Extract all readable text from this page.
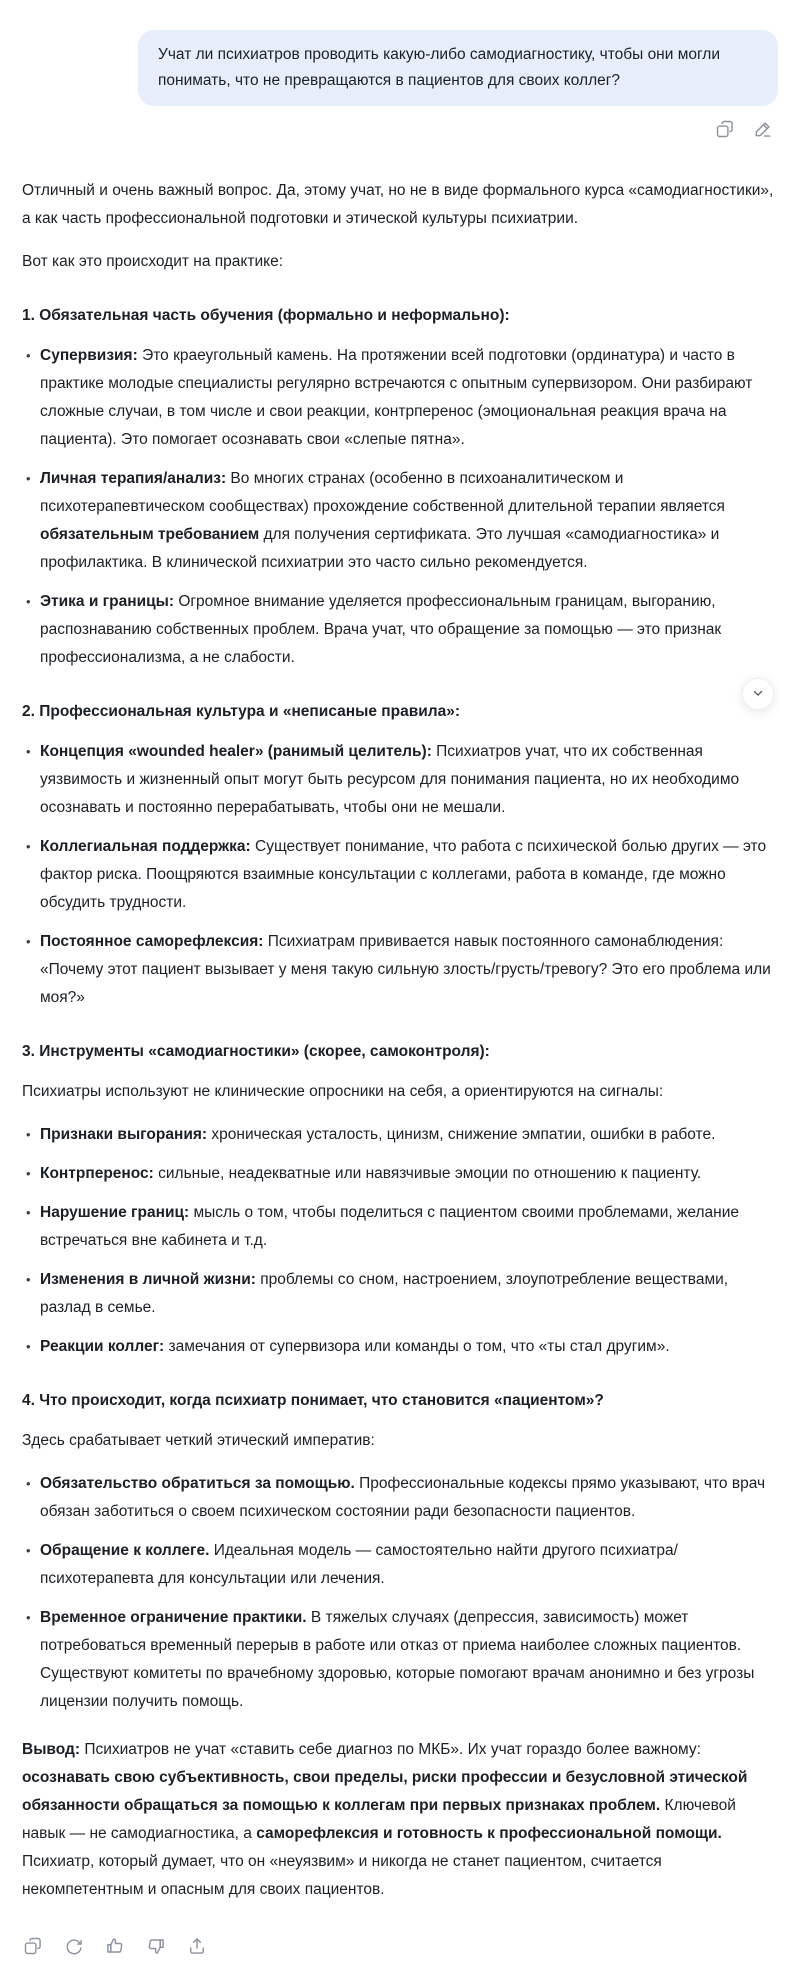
Учат ли психиатров проводить какую-либо самодиагностику, чтобы они могли понимать, что не превращаются в пациентов для своих коллег?

Отличный и очень важный вопрос. Да, этому учат, но не в виде формального курса «самодиагностики», а как часть профессиональной подготовки и этической культуры психиатрии.

Вот как это происходит на практике:

1. Обязательная часть обучения (формально и неформально):
• Супервизия: Это краеугольный камень. На протяжении всей подготовки (ординатура) и часто в практике молодые специалисты регулярно встречаются с опытным супервизором. Они разбирают сложные случаи, в том числе и свои реакции, контрперенос (эмоциональная реакция врача на пациента). Это помогает осознавать свои «слепые пятна».
• Личная терапия/анализ: Во многих странах (особенно в психоаналитическом и психотерапевтическом сообществах) прохождение собственной длительной терапии является обязательным требованием для получения сертификата. Это лучшая «самодиагностика» и профилактика. В клинической психиатрии это часто сильно рекомендуется.
• Этика и границы: Огромное внимание уделяется профессиональным границам, выгоранию, распознаванию собственных проблем. Врача учат, что обращение за помощью — это признак профессионализма, а не слабости.
2. Профессиональная культура и «неписаные правила»:
• Концепция «wounded healer» (ранимый целитель): Психиатров учат, что их собственная уязвимость и жизненный опыт могут быть ресурсом для понимания пациента, но их необходимо осознавать и постоянно перерабатывать, чтобы они не мешали.
• Коллегиальная поддержка: Существует понимание, что работа с психической болью других — это фактор риска. Поощряются взаимные консультации с коллегами, работа в команде, где можно обсудить трудности.
• Постоянное саморефлексия: Психиатрам прививается навык постоянного самонаблюдения: «Почему этот пациент вызывает у меня такую сильную злость/грусть/тревогу? Это его проблема или моя?»
3. Инструменты «самодиагностики» (скорее, самоконтроля):

Психиатры используют не клинические опросники на себя, а ориентируются на сигналы:

• Признаки выгорания: хроническая усталость, цинизм, снижение эмпатии, ошибки в работе.
• Контрперенос: сильные, неадекватные или навязчивые эмоции по отношению к пациенту.
• Нарушение границ: мысль о том, чтобы поделиться с пациентом своими проблемами, желание встречаться вне кабинета и т.д.
• Изменения в личной жизни: проблемы со сном, настроением, злоупотребление веществами, разлад в семье.
• Реакции коллег: замечания от супервизора или команды о том, что «ты стал другим».
4. Что происходит, когда психиатр понимает, что становится «пациентом»?

Здесь срабатывает четкий этический императив:

• Обязательство обратиться за помощью. Профессиональные кодексы прямо указывают, что врач обязан заботиться о своем психическом состоянии ради безопасности пациентов.
• Обращение к коллеге. Идеальная модель — самостоятельно найти другого психиатра/психотерапевта для консультации или лечения.
• Временное ограничение практики. В тяжелых случаях (депрессия, зависимость) может потребоваться временный перерыв в работе или отказ от приема наиболее сложных пациентов. Существуют комитеты по врачебному здоровью, которые помогают врачам анонимно и без угрозы лицензии получить помощь.

Вывод: Психиатров не учат «ставить себе диагноз по МКБ». Их учат гораздо более важному: осознавать свою субъективность, свои пределы, риски профессии и безусловной этической обязанности обращаться за помощью к коллегам при первых признаках проблем. Ключевой навык — не самодиагностика, а саморефлексия и готовность к профессиональной помощи. Психиатр, который думает, что он «неуязвим» и никогда не станет пациентом, считается некомпетентным и опасным для своих пациентов.
